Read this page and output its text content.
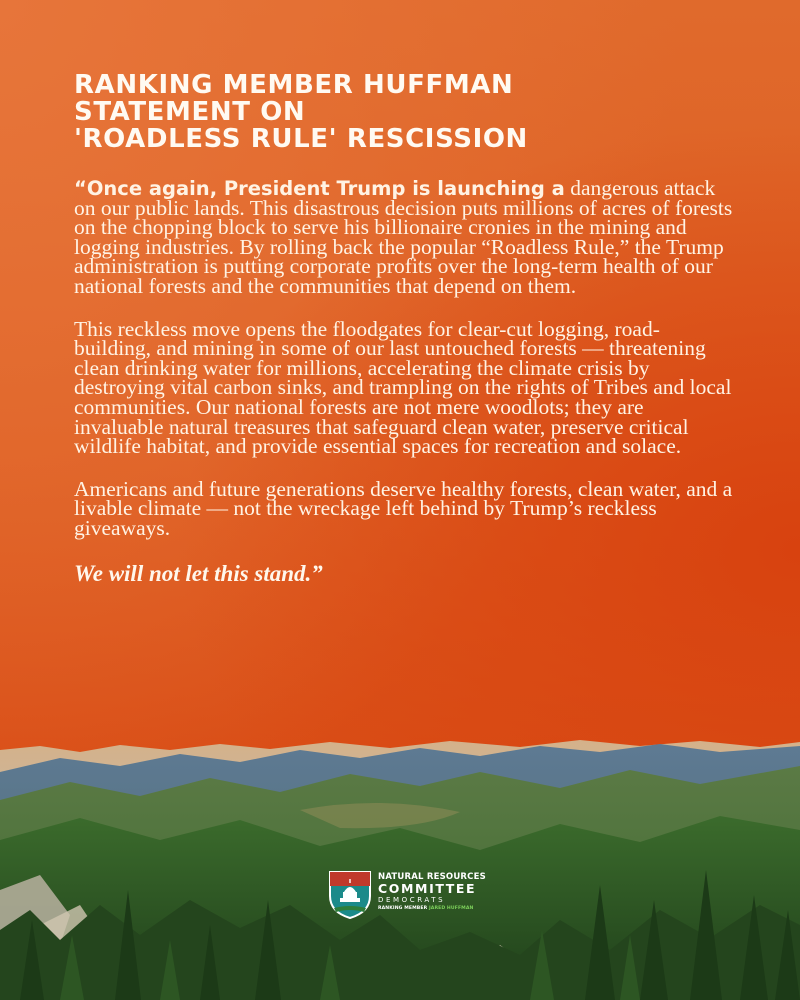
RANKING MEMBER HUFFMAN
STATEMENT ON
'ROADLESS RULE' RESCISSION

“Once again, President Trump is launching a dangerous attack on our public lands. This disastrous decision puts millions of acres of forests on the chopping block to serve his billionaire cronies in the mining and logging industries. By rolling back the popular “Roadless Rule,” the Trump administration is putting corporate profits over the long-term health of our national forests and the communities that depend on them.

This reckless move opens the floodgates for clear-cut logging, road-building, and mining in some of our last untouched forests — threatening clean drinking water for millions, accelerating the climate crisis by destroying vital carbon sinks, and trampling on the rights of Tribes and local communities. Our national forests are not mere woodlots; they are invaluable natural treasures that safeguard clean water, preserve critical wildlife habitat, and provide essential spaces for recreation and solace.

Americans and future generations deserve healthy forests, clean water, and a livable climate — not the wreckage left behind by Trump’s reckless giveaways.

We will not let this stand.”

NATURAL RESOURCES
COMMITTEE
DEMOCRATS
RANKING MEMBER JARED HUFFMAN
